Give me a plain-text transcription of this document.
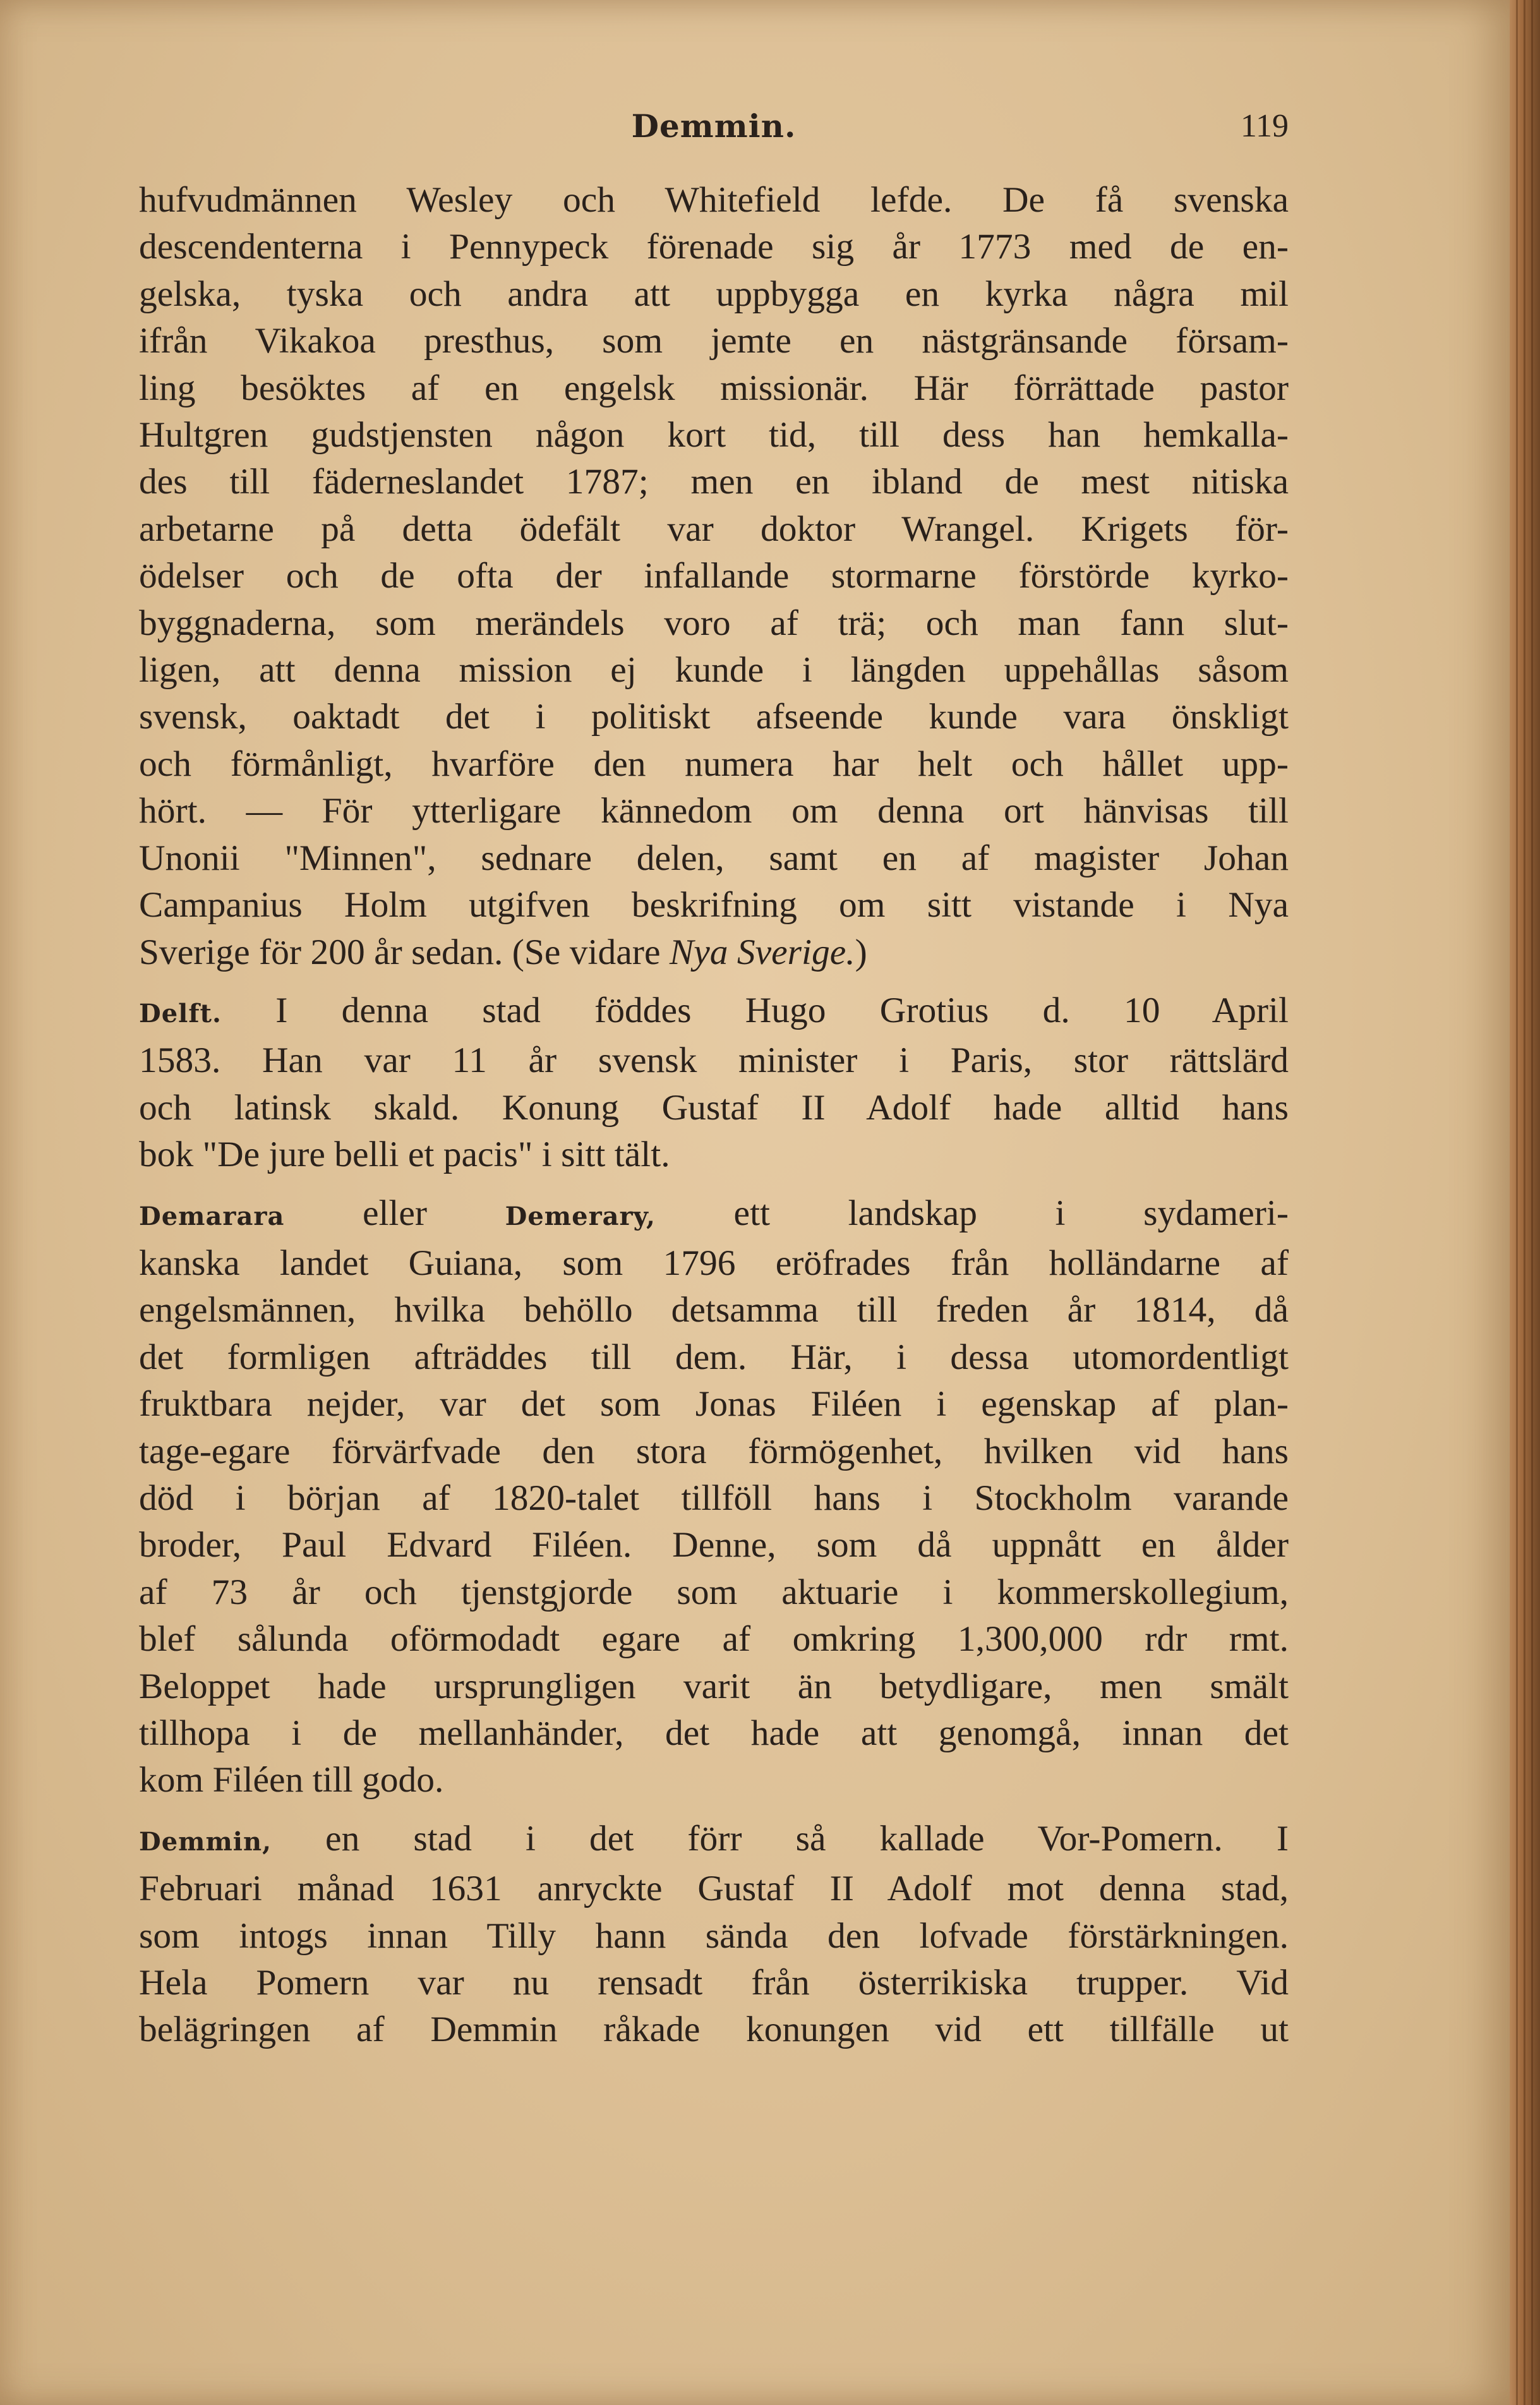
Demmin.	119
hufvudmännen Wesley och Whitefield lefde. De få svenska
descendenterna i Pennypeck förenade sig år 1773 med de en-
gelska, tyska och andra att uppbygga en kyrka några mil
ifrån Vikakoa presthus, som jemte en nästgränsande försam-
ling besöktes af en engelsk missionär. Här förrättade pastor
Hultgren gudstjensten någon kort tid, till dess han hemkalla-
des till fäderneslandet 1787; men en ibland de mest nitiska
arbetarne på detta ödefält var doktor Wrangel. Krigets för-
ödelser och de ofta der infallande stormarne förstörde kyrko-
byggnaderna, som merändels voro af trä; och man fann slut-
ligen, att denna mission ej kunde i längden uppehållas såsom
svensk, oaktadt det i politiskt afseende kunde vara önskligt
och förmånligt, hvarföre den numera har helt och hållet upp-
hört. — För ytterligare kännedom om denna ort hänvisas till
Unonii "Minnen", sednare delen, samt en af magister Johan
Campanius Holm utgifven beskrifning om sitt vistande i Nya
Sverige för 200 år sedan. (Se vidare Nya Sverige.)
Delft. I denna stad föddes Hugo Grotius d. 10 April
1583. Han var 11 år svensk minister i Paris, stor rättslärd
och latinsk skald. Konung Gustaf II Adolf hade alltid hans
bok "De jure belli et pacis" i sitt tält.
Demarara eller Demerary, ett landskap i sydameri-
kanska landet Guiana, som 1796 eröfrades från holländarne af
engelsmännen, hvilka behöllo detsamma till freden år 1814, då
det formligen afträddes till dem. Här, i dessa utomordentligt
fruktbara nejder, var det som Jonas Filéen i egenskap af plan-
tage-egare förvärfvade den stora förmögenhet, hvilken vid hans
död i början af 1820-talet tillföll hans i Stockholm varande
broder, Paul Edvard Filéen. Denne, som då uppnått en ålder
af 73 år och tjenstgjorde som aktuarie i kommerskollegium,
blef sålunda oförmodadt egare af omkring 1,300,000 rdr rmt.
Beloppet hade ursprungligen varit än betydligare, men smält
tillhopa i de mellanhänder, det hade att genomgå, innan det
kom Filéen till godo.
Demmin, en stad i det förr så kallade Vor-Pomern. I
Februari månad 1631 anryckte Gustaf II Adolf mot denna stad,
som intogs innan Tilly hann sända den lofvade förstärkningen.
Hela Pomern var nu rensadt från österrikiska trupper. Vid
belägringen af Demmin råkade konungen vid ett tillfälle ut
